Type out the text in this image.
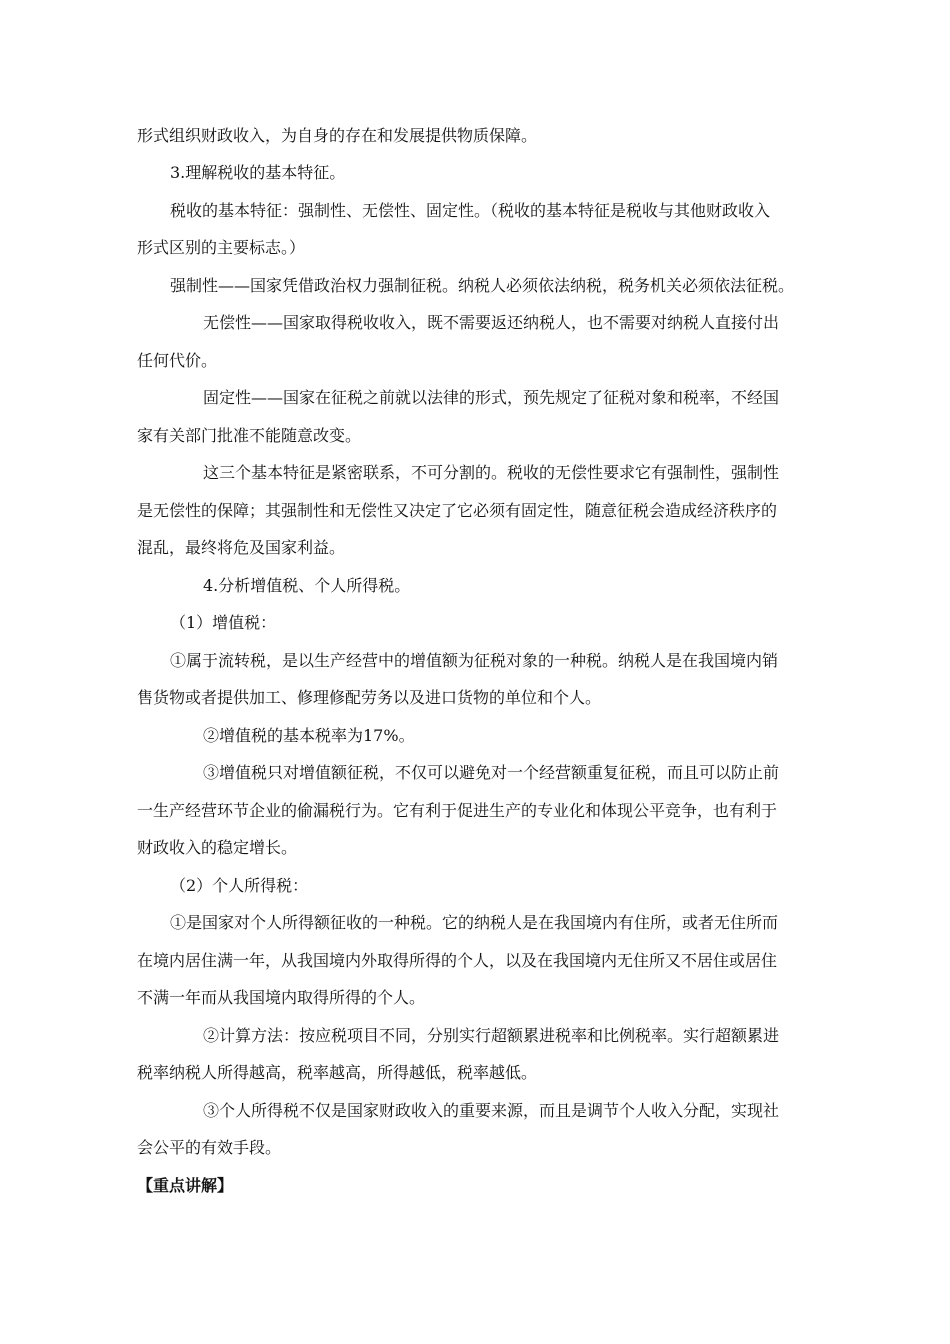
形式组织财政收入，为自身的存在和发展提供物质保障。
3.理解税收的基本特征。
税收的基本特征：强制性、无偿性、固定性。（税收的基本特征是税收与其他财政收入
形式区别的主要标志。）
强制性——国家凭借政治权力强制征税。纳税人必须依法纳税，税务机关必须依法征税。
无偿性——国家取得税收收入，既不需要返还纳税人，也不需要对纳税人直接付出
任何代价。
固定性——国家在征税之前就以法律的形式，预先规定了征税对象和税率，不经国
家有关部门批准不能随意改变。
这三个基本特征是紧密联系，不可分割的。税收的无偿性要求它有强制性，强制性
是无偿性的保障；其强制性和无偿性又决定了它必须有固定性，随意征税会造成经济秩序的
混乱，最终将危及国家利益。
4.分析增值税、个人所得税。
（1）增值税：
①属于流转税，是以生产经营中的增值额为征税对象的一种税。纳税人是在我国境内销
售货物或者提供加工、修理修配劳务以及进口货物的单位和个人。
②增值税的基本税率为17%。
③增值税只对增值额征税，不仅可以避免对一个经营额重复征税，而且可以防止前
一生产经营环节企业的偷漏税行为。它有利于促进生产的专业化和体现公平竞争，也有利于
财政收入的稳定增长。
（2）个人所得税：
①是国家对个人所得额征收的一种税。它的纳税人是在我国境内有住所，或者无住所而
在境内居住满一年，从我国境内外取得所得的个人，以及在我国境内无住所又不居住或居住
不满一年而从我国境内取得所得的个人。
②计算方法：按应税项目不同，分别实行超额累进税率和比例税率。实行超额累进
税率纳税人所得越高，税率越高，所得越低，税率越低。
③个人所得税不仅是国家财政收入的重要来源，而且是调节个人收入分配，实现社
会公平的有效手段。
【重点讲解】
